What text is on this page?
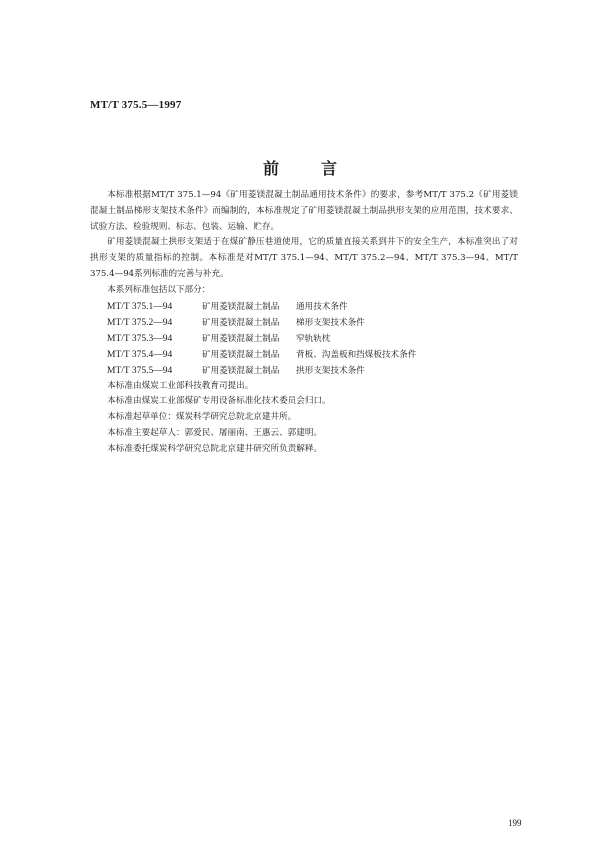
MT/T 375.5—1997
前	言

本标准根据MT/T 375.1—94《矿用菱镁混凝土制品通用技术条件》的要求，参考MT/T 375.2《矿用菱镁混凝土制品梯形支架技术条件》而编制的，本标准规定了矿用菱镁混凝土制品拱形支架的应用范围，技术要求、试验方法、检验规则、标志、包装、运输、贮存。

矿用菱镁混凝土拱形支架适于在煤矿静压巷道使用，它的质量直接关系到井下的安全生产，本标准突出了对拱形支架的质量指标的控制。本标准是对MT/T 375.1—94、MT/T 375.2—94、MT/T 375.3—94、MT/T 375.4—94系列标准的完善与补充。

本系列标准包括以下部分：

MT/T 375.1—94	矿用菱镁混凝土制品	通用技术条件
MT/T 375.2—94	矿用菱镁混凝土制品	梯形支架技术条件
MT/T 375.3—94	矿用菱镁混凝土制品	窄轨轨枕
MT/T 375.4—94	矿用菱镁混凝土制品	背板、沟盖板和挡煤板技术条件
MT/T 375.5—94	矿用菱镁混凝土制品	拱形支架技术条件

本标准由煤炭工业部科技教育司提出。

本标准由煤炭工业部煤矿专用设备标准化技术委员会归口。

本标准起草单位：煤炭科学研究总院北京建井所。

本标准主要起草人：郭爱民、屠丽南、王惠云、郭建明。

本标准委托煤炭科学研究总院北京建井研究所负责解释。

199
